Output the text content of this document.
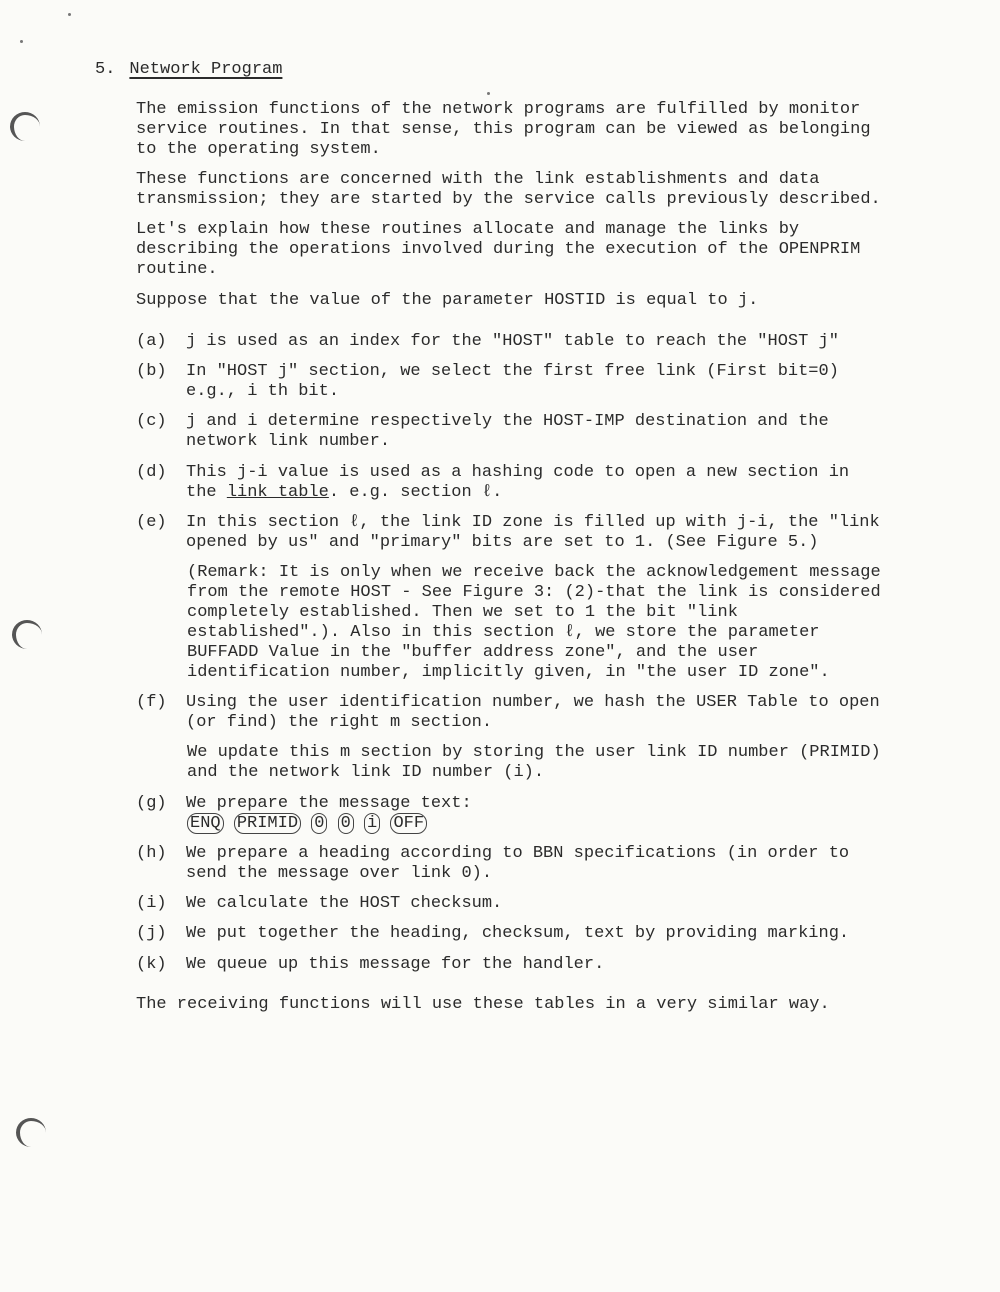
5. Network Program

The emission functions of the network programs are fulfilled by monitor service routines. In that sense, this program can be viewed as belonging to the operating system.

These functions are concerned with the link establishments and data transmission; they are started by the service calls previously described.

Let's explain how these routines allocate and manage the links by describing the operations involved during the execution of the OPENPRIM routine.

Suppose that the value of the parameter HOSTID is equal to j.

(a)	j is used as an index for the "HOST" table to reach the "HOST j"
(b)	In "HOST j" section, we select the first free link (First bit=0) e.g., i th bit.
(c)	j and i determine respectively the HOST-IMP destination and the network link number.
(d)	This j-i value is used as a hashing code to open a new section in the link table. e.g. section ℓ.
(e)	In this section ℓ, the link ID zone is filled up with j-i, the "link opened by us" and "primary" bits are set to 1. (See Figure 5.)

(Remark: It is only when we receive back the acknowledgement message from the remote HOST - See Figure 3: (2)-that the link is considered completely established. Then we set to 1 the bit "link established".). Also in this section ℓ, we store the parameter BUFFADD Value in the "buffer address zone", and the user identification number, implicitly given, in "the user ID zone".

(f)	Using the user identification number, we hash the USER Table to open (or find) the right m section.

We update this m section by storing the user link ID number (PRIMID) and the network link ID number (i).

(g)	We prepare the message text:
ENQ PRIMID 0 0 i OFF
(h)	We prepare a heading according to BBN specifications (in order to send the message over link 0).
(i)	We calculate the HOST checksum.
(j)	We put together the heading, checksum, text by providing marking.
(k)	We queue up this message for the handler.

The receiving functions will use these tables in a very similar way.
